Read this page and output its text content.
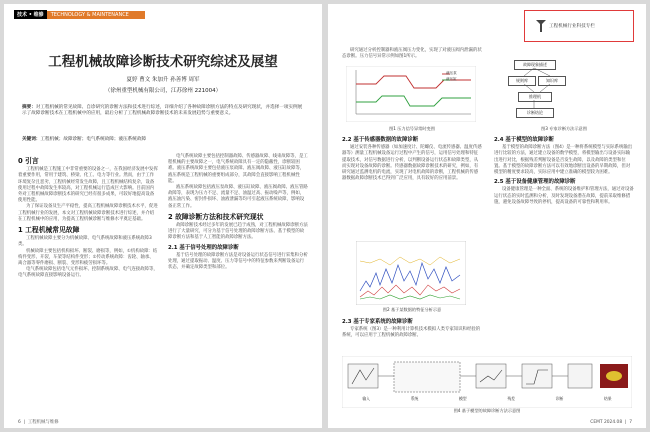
技术 • 维修	TECHNOLOGY & MAINTENANCE
工程机械故障诊断技术研究综述及展望
夏婷 曹文 朱加升 孙善博 周军
（徐州重型机械有限公司，江苏徐州 221004）
摘要：对工程机械的常见故障、自诊研究的诊断方法和技术进行综述，详细介绍了各种故障诊断方法的特点及研究现状，并选择一项实例展示了故障诊断技术在工程机械中的应用，最后分析了工程机械故障诊断技术的未来发展趋势与重要意义。
关键词：工程机械；故障诊断；电气系统故障；液压系统故障
0 引言

工程机械是工程施工中非常重要的设备之一，在我国经济发展中发挥着重要作用，常用于建筑、桥梁、化工、电力等行业。然而，由于工作环境复杂且恶劣，工程机械经常发生故障，且工程机械结构复杂，设备使用过程中故障发生率较高，对工程机械运行造成巨大影响。目前国内外对工程机械故障诊断技术的研究已经有很多成果，可较好地提高设备使用性能。

为了保证设备及生产平稳性，提高工程机械故障诊断技术水平，促进工程机械行业的发展，本文对工程机械故障诊断技术进行综述，并介绍在工程机械中的应用，为提高工程机械诊断与维修水平奠定基础。

1 工程机械常见故障

工程机械故障主要分为机械故障、电气系统故障和液压系统故障3类。

机械故障主要包括机构损坏、断裂、磨损等，例如，①机构故障：结构件变形、开裂，车架等结构件变形；②传动系统故障：齿轮、轴承、离合器等零件磨损、断裂、变形和疲劳损坏等。

电气系统故障包括电气元件损坏、控制系统故障、电气连接故障等，电气系统故障直接影响设备运行。

电气系统故障主要包括控制器故障、传感器故障、线束故障等，是工程机械的主要故障之一，电气系统故障具有一定的隐蔽性，诊断较困难。液压系统故障主要包括液压泵故障、液压阀故障、液压缸故障等，液压系统是工程机械的重要组成部分，其故障会直接影响工程机械性能。

液压系统故障包括液压泵故障、液压缸故障、液压阀故障、液压管路故障等，表现为压力不足、流量不足、油温过高、振动噪声等，例如，液压油污染、密封件损坏、油液泄漏等均可引起液压系统故障，影响设备正常工作。

2 故障诊断方法和技术研究现状

故障诊断技术经过多年的发展已趋于成熟，对工程机械故障诊断方法进行了大量研究，可分为基于信号处理的故障诊断方法、基于模型的故障诊断方法和基于人工智能的故障诊断方法。

2.1 基于信号处理的故障诊断

基于信号处理的故障诊断方法是对设备运行状态信号进行采集和分析处理，通过提取振动、温度、压力等信号中的特征参数来判断设备运行状态，并确定故障类型和部位。

6  |  工程机械与维修
工程机械行业科技专栏

研究通过分析控制器和液压阀压力变化，实现了对液压阀内泄漏的状态诊断。压力信号异常示例如图1所示。

液压泵
液压缸
图1 压力信号异常时变图
2.2 基于传感器数据的故障诊断

通过安装各种传感器（如加速度计、陀螺仪、电流传感器、温度传感器等）测量工程机械设备运行过程中产生的信号，运用信号处理和特征提取技术，对信号数据进行分析，以判断设备运行状态和故障类型，从而实现对设备故障的诊断。传感器数据故障诊断技术的研究，例如，有研究通过监测电机的电流，实现了对电机故障的诊断，工程机械的传感器数据故障诊断技术已得到广泛应用，具有较好的应用前景。

图2 基于某数据的特征分析示意
2.3 基于专家系统的故障诊断

专家系统（图3）是一种利用计算机技术模拟人类专家知识和经验的系统，可以应用于工程机械的故障诊断。

故障现象描述
规则库	知识库
推理机
诊断结论
图3 专家诊断方法示意图
2.4 基于模型的故障诊断

基于模型的故障诊断方法（图4）是一种将系统模型与实际系统输出进行比较的方法，通过建立设备的数学模型，将模型输出与设备实际输出进行对比，根据残差判断设备是否发生故障，以及故障的类型和位置。基于模型的故障诊断方法可以有效地诊断出设备的早期故障，但对模型的精度要求较高，实际应用中建立准确的模型较为困难。

2.5 基于设备健康管理的故障诊断

设备健康管理是一种全面、系统的设备维护和管理方法，通过对设备运行状态的实时监测和分析，及时发现设备潜在故障，提前采取维修措施，避免设备故障导致的停机，提高设备的可靠性和利用率。

输入	系统	模型	残差	诊断	结果
图4 基于模型的故障诊断方法示意图
CEMT 2024.08  |  7
